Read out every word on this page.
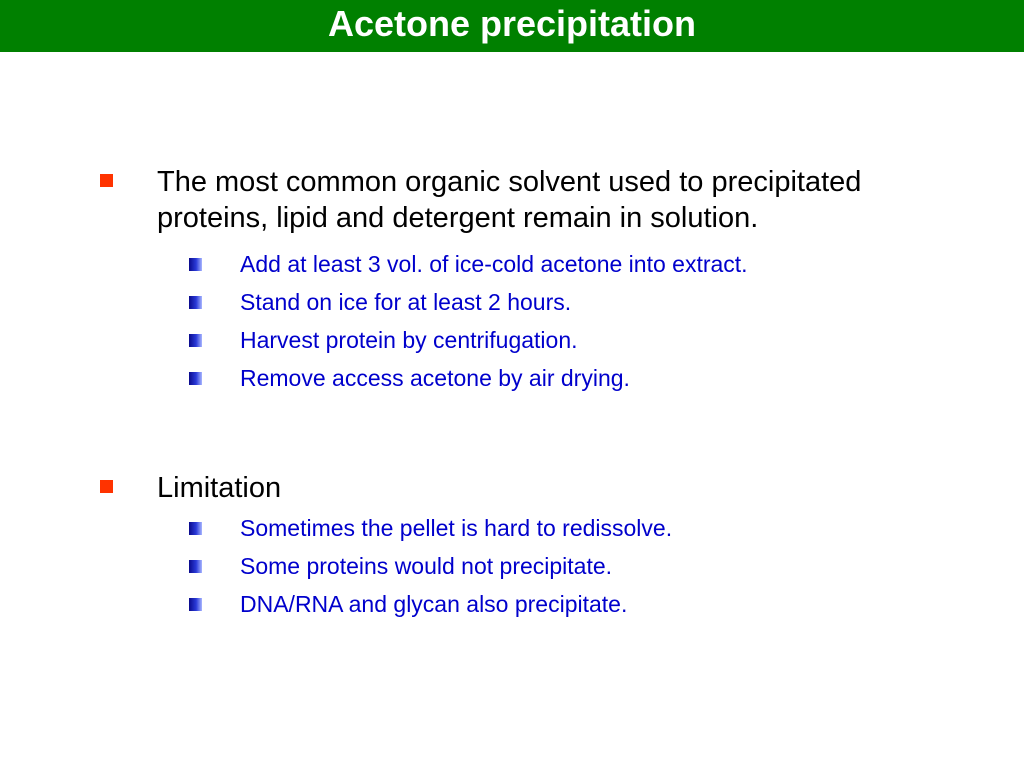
Acetone precipitation
The most common organic solvent used to precipitated proteins, lipid and detergent remain in solution.
Add at least 3 vol. of ice-cold acetone into extract.
Stand on ice for at least 2 hours.
Harvest protein by centrifugation.
Remove access acetone by air drying.
Limitation
Sometimes the pellet is hard to redissolve.
Some proteins would not precipitate.
DNA/RNA and glycan also precipitate.
